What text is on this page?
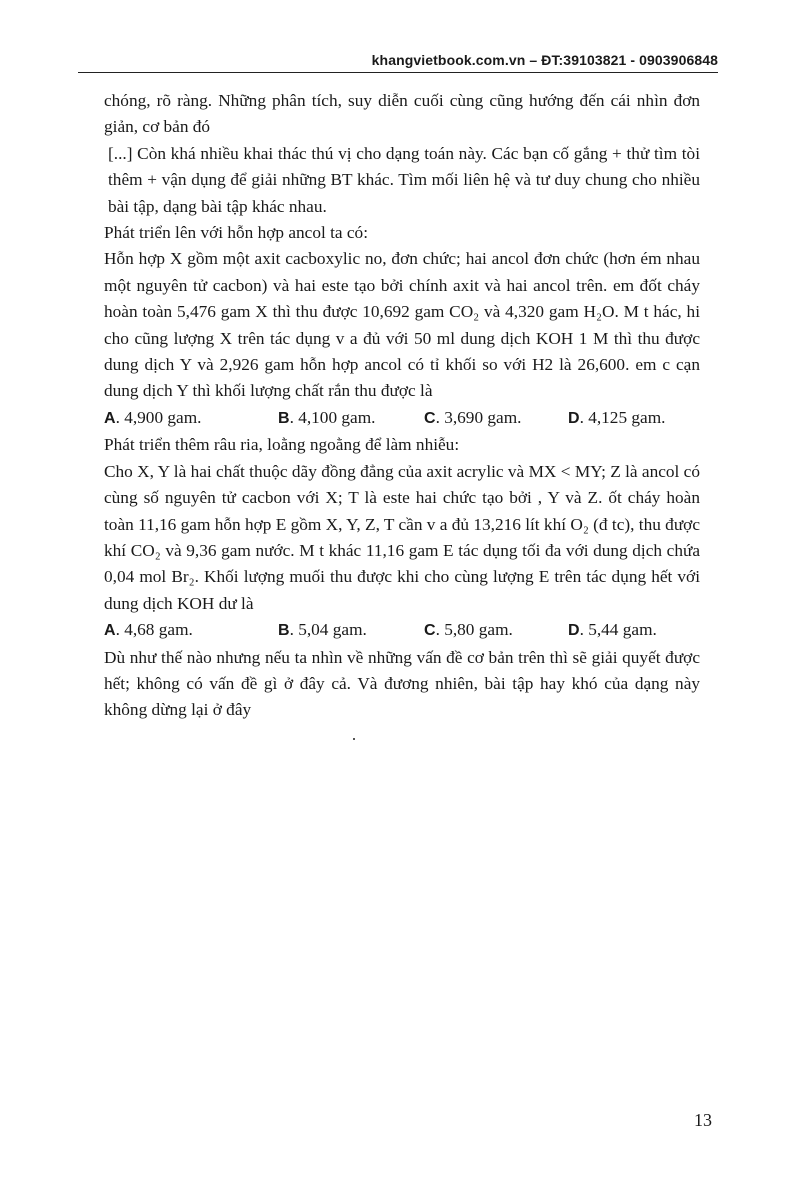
khangvietbook.com.vn – ĐT:39103821 - 0903906848

chóng, rõ ràng. Những phân tích, suy diễn cuối cùng cũng hướng đến cái nhìn đơn giản, cơ bản đó

[...] Còn khá nhiều khai thác thú vị cho dạng toán này. Các bạn cố gắng + thử tìm tòi thêm + vận dụng để giải những BT khác. Tìm mối liên hệ và tư duy chung cho nhiều bài tập, dạng bài tập khác nhau.

Phát triển lên với hỗn hợp ancol ta có:

Hỗn hợp X gồm một axit cacboxylic no, đơn chức; hai ancol đơn chức (hơn ém nhau một nguyên tử cacbon) và hai este tạo bởi chính axit và hai ancol trên. em đốt cháy hoàn toàn 5,476 gam X thì thu được 10,692 gam CO₂ và 4,320 gam H₂O. M t hác, hi cho cũng lượng X trên tác dụng v a đủ với 50 ml dung dịch KOH 1 M thì thu được dung dịch Y và 2,926 gam hỗn hợp ancol có tỉ khối so với H2 là 26,600. em c cạn dung dịch Y thì khối lượng chất rắn thu được là

A. 4,900 gam.	B. 4,100 gam.	C. 3,690 gam.	D. 4,125 gam.

Phát triển thêm râu ria, loằng ngoằng để làm nhiễu:

Cho X, Y là hai chất thuộc dãy đồng đẳng của axit acrylic và MX < MY; Z là ancol có cùng số nguyên tử cacbon với X; T là este hai chức tạo bởi , Y và Z. ốt cháy hoàn toàn 11,16 gam hỗn hợp E gồm X, Y, Z, T cần v a đủ 13,216 lít khí O₂ (đ tc), thu được khí CO₂ và 9,36 gam nước. M t khác 11,16 gam E tác dụng tối đa với dung dịch chứa 0,04 mol Br₂. Khối lượng muối thu được khi cho cùng lượng E trên tác dụng hết với dung dịch KOH dư là

A. 4,68 gam.	B. 5,04 gam.	C. 5,80 gam.	D. 5,44 gam.

Dù như thế nào nhưng nếu ta nhìn về những vấn đề cơ bản trên thì sẽ giải quyết được hết; không có vấn đề gì ở đây cả. Và đương nhiên, bài tập hay khó của dạng này không dừng lại ở đây

13
